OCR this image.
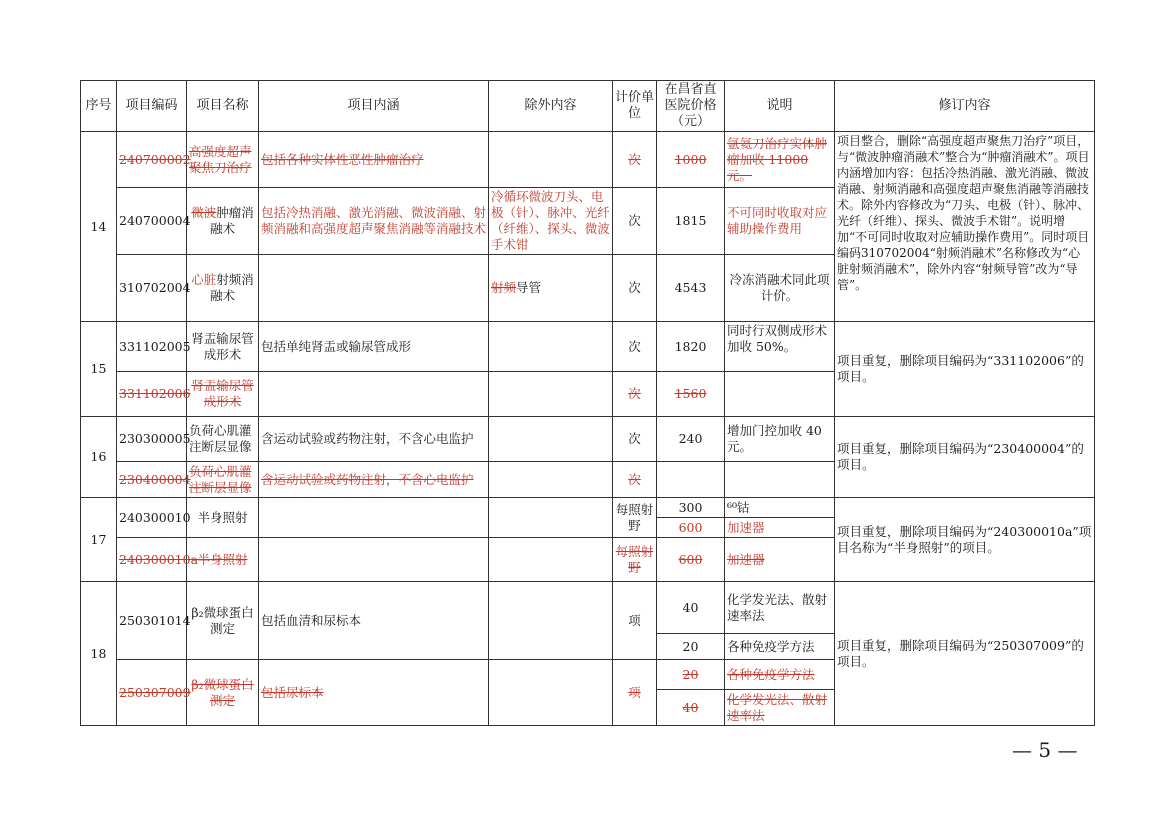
序号	项目编码	项目名称	项目内涵	除外内容	计价单位	在昌省直医院价格（元）	说明	修订内容
14	240700002	高强度超声聚焦刀治疗	包括各种实体性恶性肿瘤治疗		次	1000	氩氦刀治疗实体肿瘤加收 11000元。	项目整合，删除“高强度超声聚焦刀治疗”项目，与“微波肿瘤消融术”整合为“肿瘤消融术”。项目内涵增加内容：包括冷热消融、激光消融、微波消融、射频消融和高强度超声聚焦消融等消融技术。除外内容修改为“刀头、电极（针）、脉冲、光纤（纤维）、探头、微波手术钳”。说明增加“不可同时收取对应辅助操作费用”。同时项目编码310702004“射频消融术”名称修改为“心脏射频消融术”，除外内容“射频导管”改为“导管”。
	240700004	微波肿瘤消融术	包括冷热消融、激光消融、微波消融、射频消融和高强度超声聚焦消融等消融技术	冷循环微波刀头、电极（针）、脉冲、光纤（纤维）、探头、微波手术钳	次	1815	不可同时收取对应辅助操作费用	
	310702004	心脏射频消融术		射频导管	次	4543	冷冻消融术同此项计价。	
15	331102005	肾盂输尿管成形术	包括单纯肾盂或输尿管成形		次	1820	同时行双侧成形术加收 50%。	项目重复，删除项目编码为“331102006”的项目。
	331102006	肾盂输尿管成形术			次	1560		
16	230300005	负荷心肌灌注断层显像	含运动试验或药物注射，不含心电监护		次	240	增加门控加收 40 元。	项目重复，删除项目编码为“230400004”的项目。
	230400004	负荷心肌灌注断层显像	含运动试验或药物注射，不含心电监护		次			
17	240300010	半身照射			每照射野	300	⁶⁰钴	项目重复，删除项目编码为“240300010a”项目名称为“半身照射”的项目。
						600	加速器	
	240300010a	半身照射			每照射野	600	加速器	

18	250301014	β₂微球蛋白测定	包括血清和尿标本		项	40	化学发光法、散射速率法	项目重复，删除项目编码为“250307009”的项目。
						20	各种免疫学方法	
	250307009	β₂微球蛋白测定	包括尿标本		项	20	各种免疫学方法	
						40	化学发光法、散射速率法	
— 5 —
